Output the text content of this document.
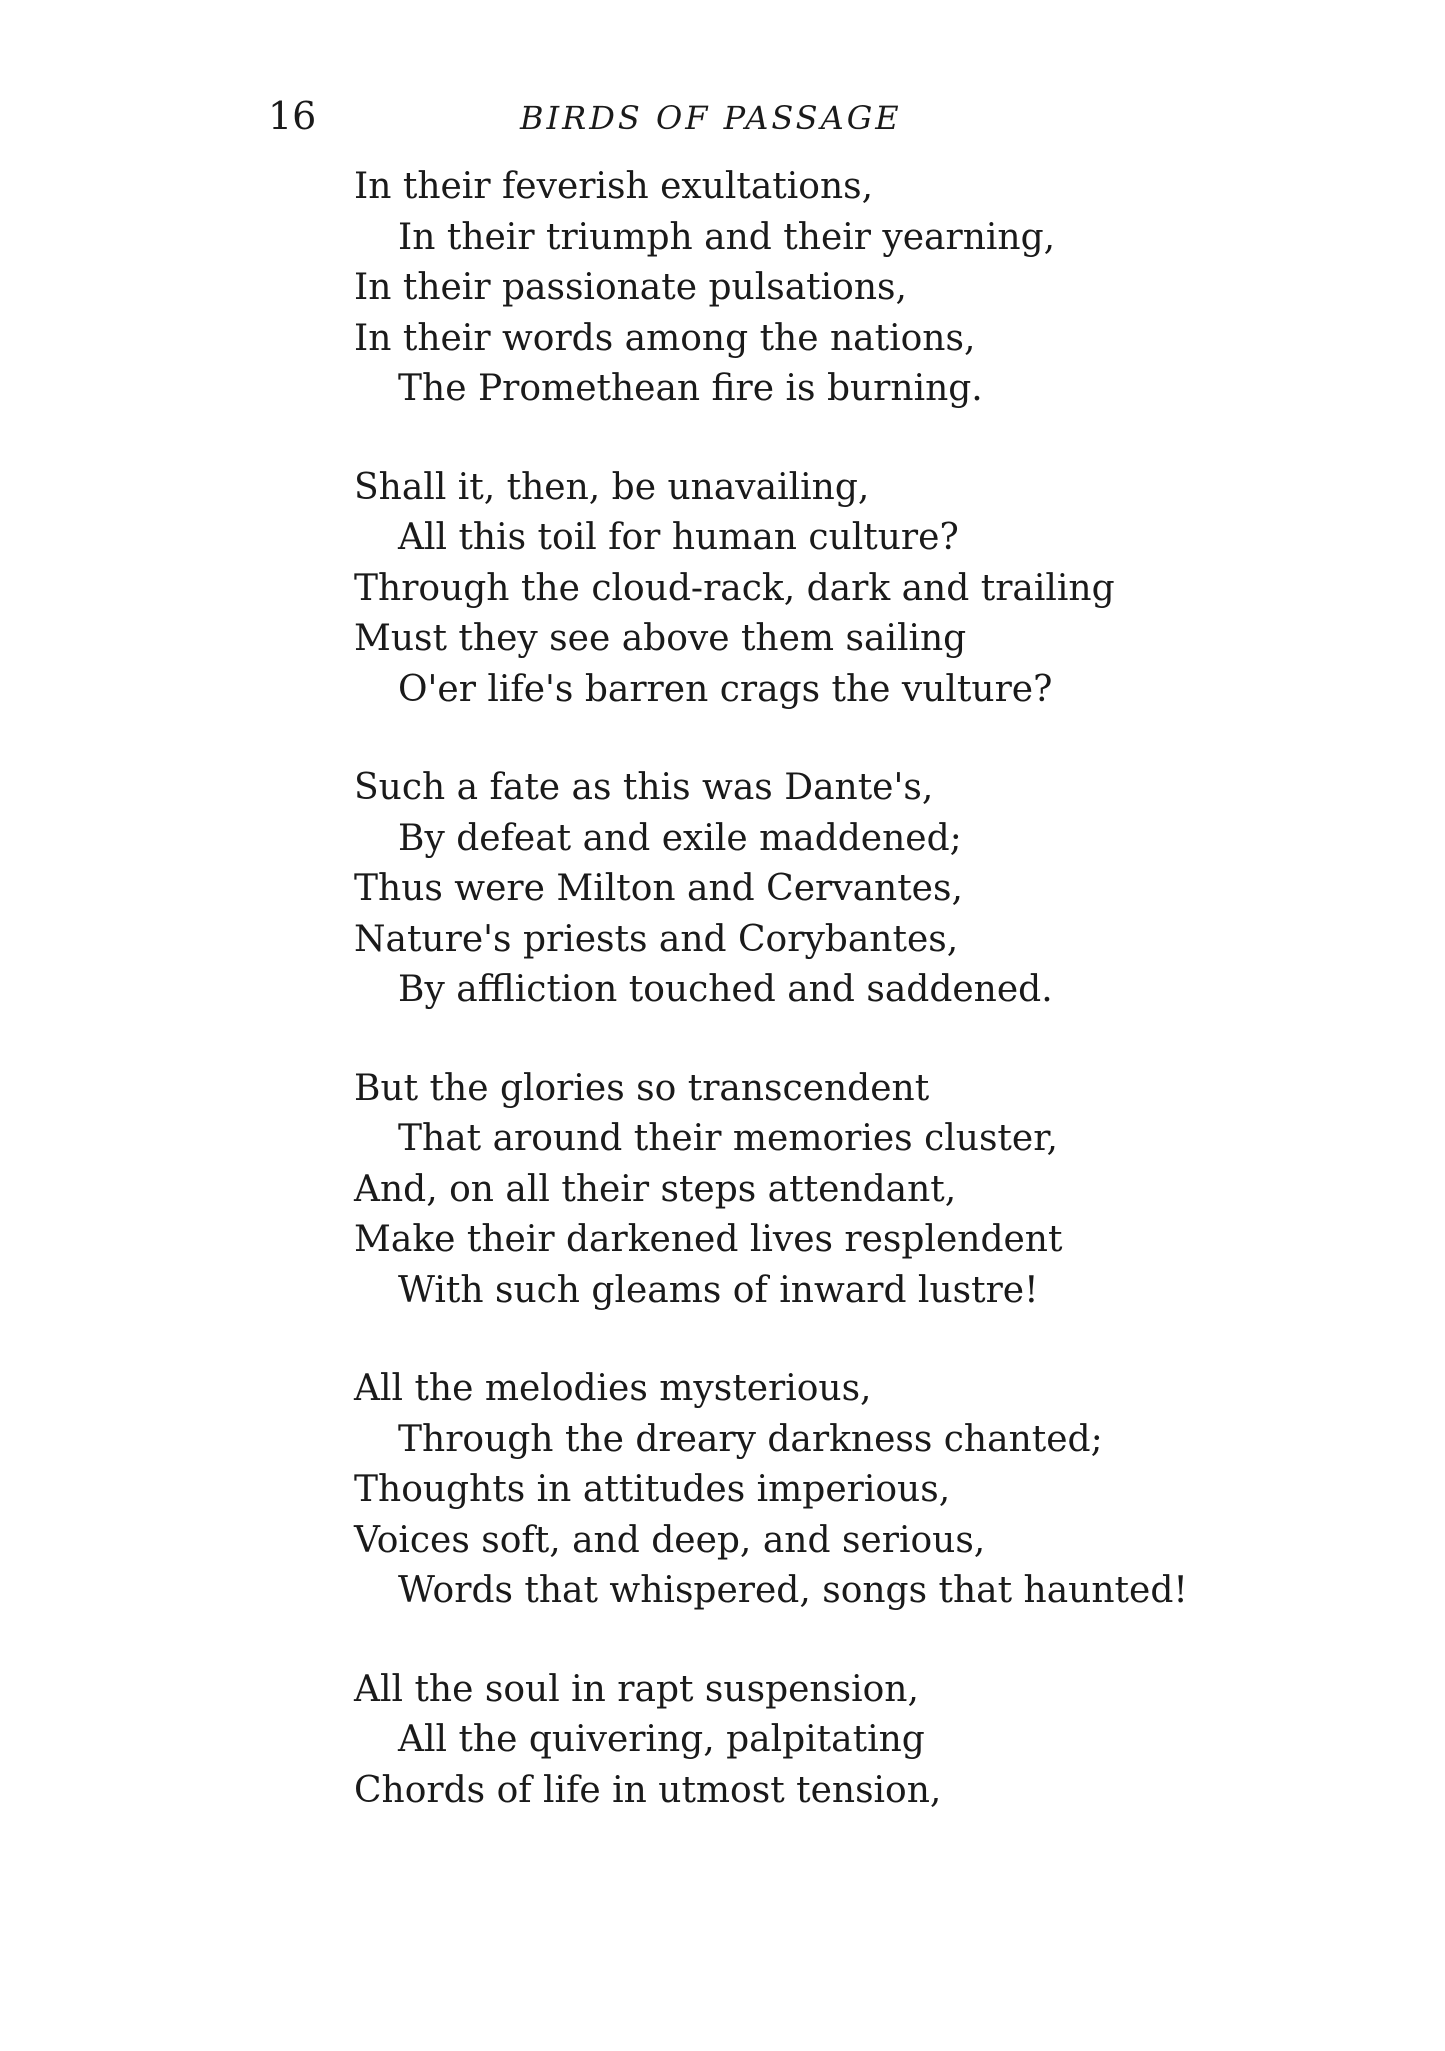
16	BIRDS OF PASSAGE
In their feverish exultations,
In their triumph and their yearning,
In their passionate pulsations,
In their words among the nations,
The Promethean fire is burning.
Shall it, then, be unavailing,
All this toil for human culture?
Through the cloud-rack, dark and trailing
Must they see above them sailing
O'er life's barren crags the vulture?
Such a fate as this was Dante's,
By defeat and exile maddened;
Thus were Milton and Cervantes,
Nature's priests and Corybantes,
By affliction touched and saddened.
But the glories so transcendent
That around their memories cluster,
And, on all their steps attendant,
Make their darkened lives resplendent
With such gleams of inward lustre!
All the melodies mysterious,
Through the dreary darkness chanted;
Thoughts in attitudes imperious,
Voices soft, and deep, and serious,
Words that whispered, songs that haunted!
All the soul in rapt suspension,
All the quivering, palpitating
Chords of life in utmost tension,
